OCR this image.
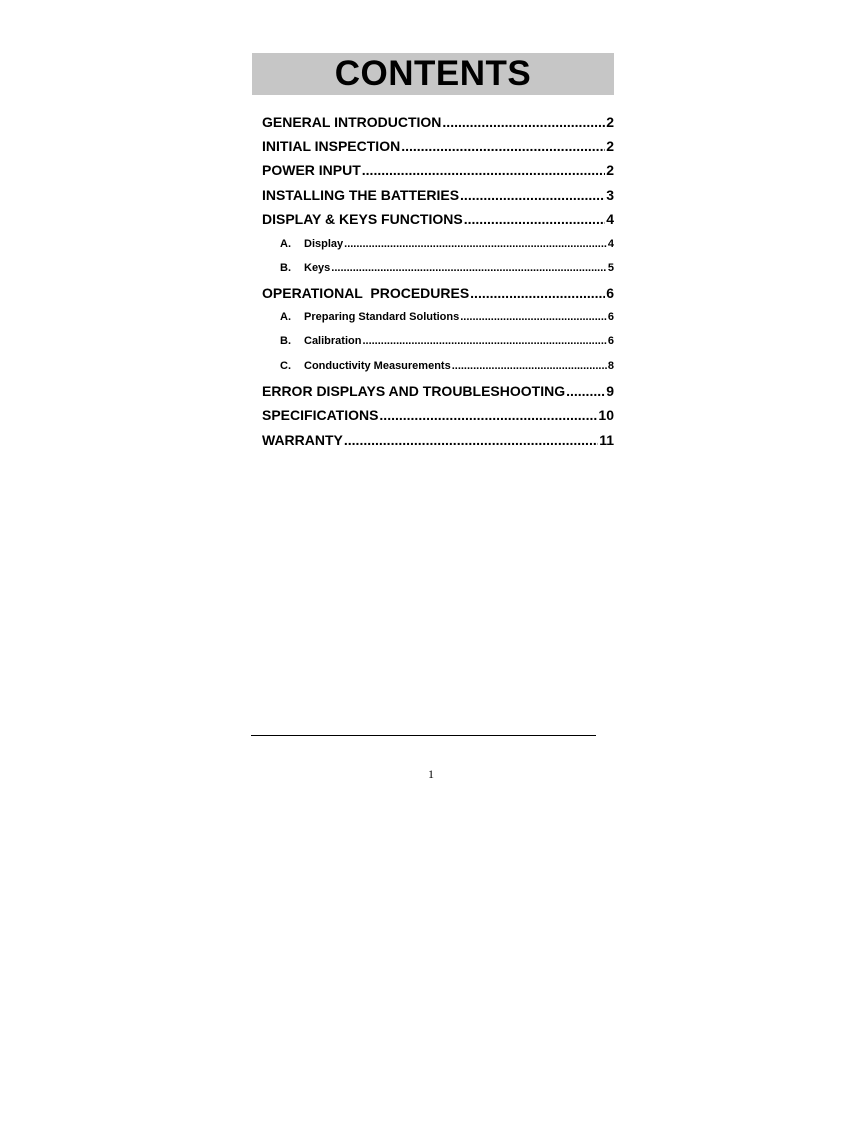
CONTENTS
GENERAL INTRODUCTION .....	2
INITIAL INSPECTION .....	2
POWER INPUT .....	2
INSTALLING THE BATTERIES .....	3
DISPLAY & KEYS FUNCTIONS .....	4
A.	Display .....	4
B.	Keys .....	5
OPERATIONAL  PROCEDURES .....	6
A.	Preparing Standard Solutions .....	6
B.	Calibration .....	6
C.	Conductivity Measurements .....	8
ERROR DISPLAYS AND TROUBLESHOOTING .....	9
SPECIFICATIONS .....	10
WARRANTY .....	11
1
